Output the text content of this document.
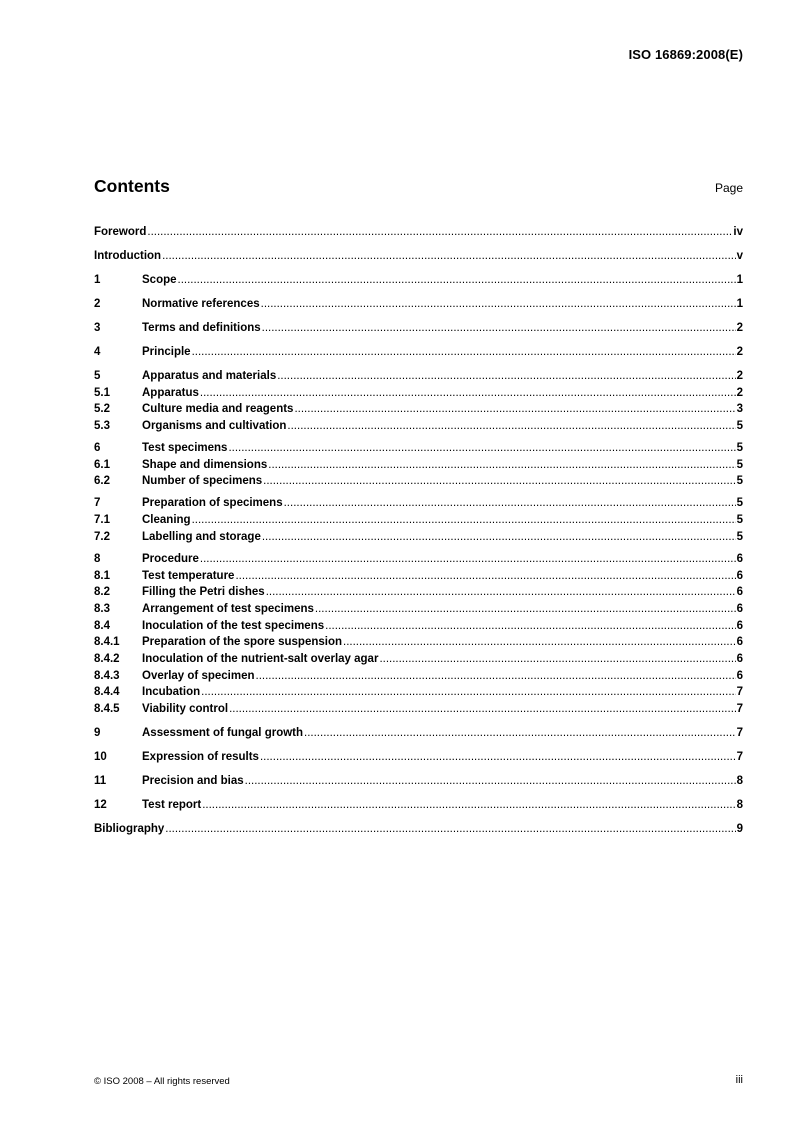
ISO 16869:2008(E)
Contents	Page
Foreword .....	iv
Introduction .....	v
1	Scope .....	1
2	Normative references .....	1
3	Terms and definitions .....	2
4	Principle .....	2
5	Apparatus and materials .....	2
5.1	Apparatus .....	2
5.2	Culture media and reagents .....	3
5.3	Organisms and cultivation .....	5
6	Test specimens .....	5
6.1	Shape and dimensions .....	5
6.2	Number of specimens .....	5
7	Preparation of specimens .....	5
7.1	Cleaning .....	5
7.2	Labelling and storage .....	5
8	Procedure .....	6
8.1	Test temperature .....	6
8.2	Filling the Petri dishes .....	6
8.3	Arrangement of test specimens .....	6
8.4	Inoculation of the test specimens .....	6
8.4.1	Preparation of the spore suspension .....	6
8.4.2	Inoculation of the nutrient-salt overlay agar .....	6
8.4.3	Overlay of specimen .....	6
8.4.4	Incubation .....	7
8.4.5	Viability control .....	7
9	Assessment of fungal growth .....	7
10	Expression of results .....	7
11	Precision and bias .....	8
12	Test report .....	8
Bibliography .....	9
© ISO 2008 – All rights reserved	iii
